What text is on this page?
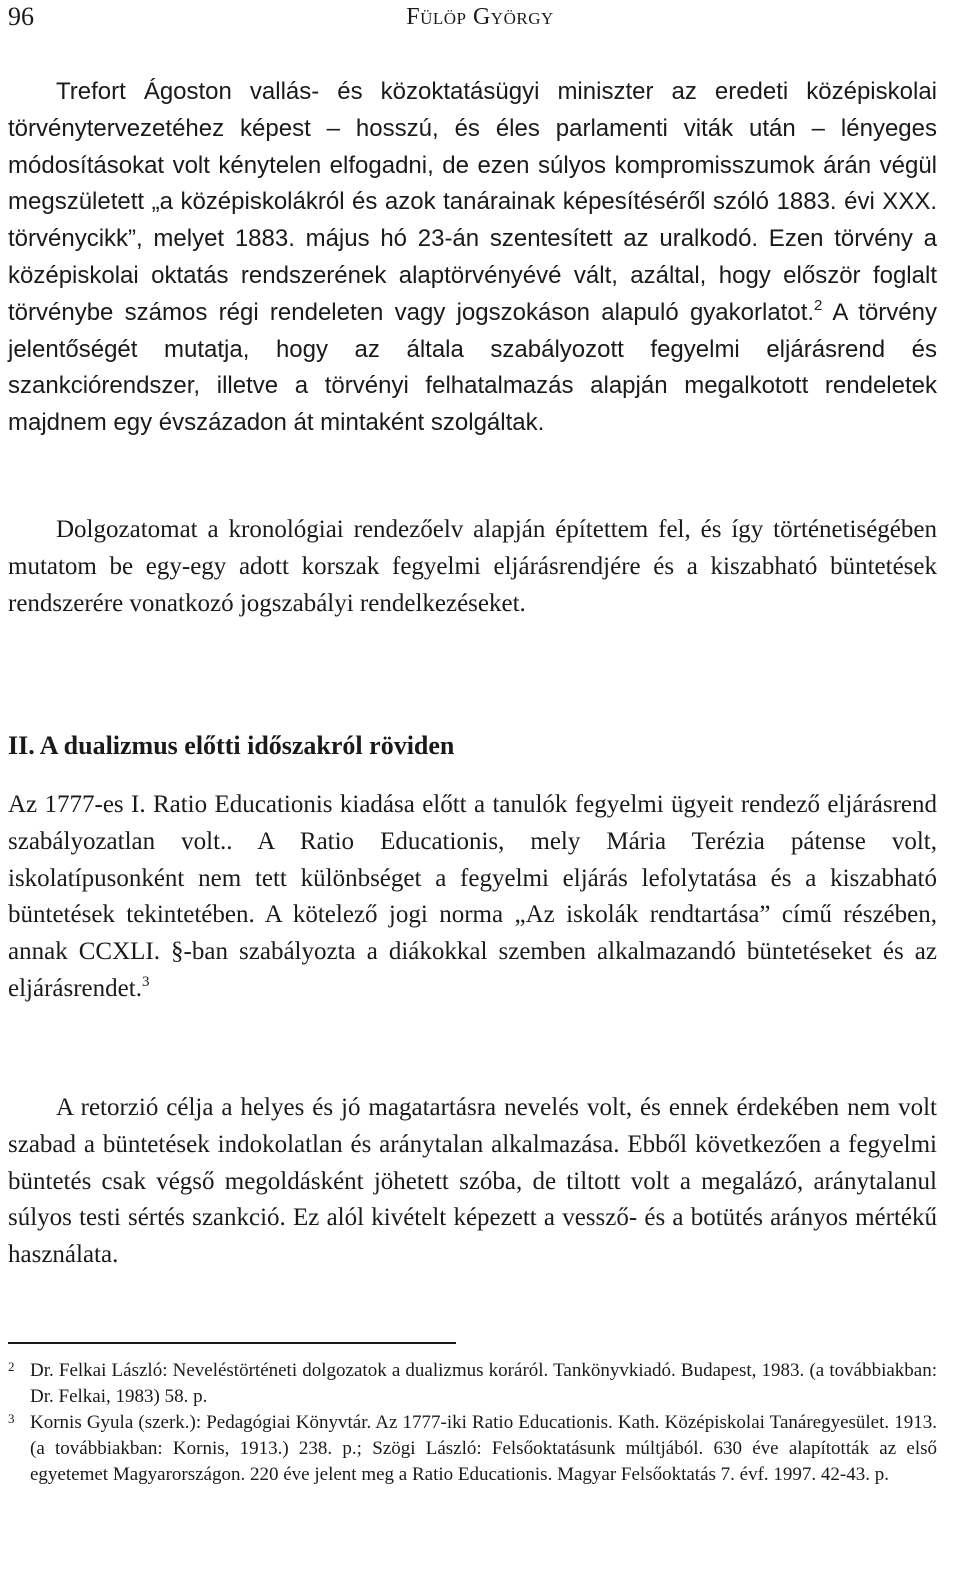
96	Fülöp György

Trefort Ágoston vallás- és közoktatásügyi miniszter az eredeti középiskolai törvénytervezetéhez képest – hosszú, és éles parlamenti viták után – lényeges módosításokat volt kénytelen elfogadni, de ezen súlyos kompromisszumok árán végül megszületett „a középiskolákról és azok tanárainak képesítéséről szóló 1883. évi XXX. törvénycikk”, melyet 1883. május hó 23-án szentesített az uralkodó. Ezen törvény a középiskolai oktatás rendszerének alaptörvényévé vált, azáltal, hogy először foglalt törvénybe számos régi rendeleten vagy jogszokáson alapuló gyakorlatot.$^2$ A törvény jelentőségét mutatja, hogy az általa szabályozott fegyelmi eljárásrend és szankciórendszer, illetve a törvényi felhatalmazás alapján megalkotott rendeletek majdnem egy évszázadon át mintaként szolgáltak.

Dolgozatomat a kronológiai rendezőelv alapján építettem fel, és így történetiségében mutatom be egy-egy adott korszak fegyelmi eljárásrendjére és a kiszabható büntetések rendszerére vonatkozó jogszabályi rendelkezéseket.

II. A dualizmus előtti időszakról röviden

Az 1777-es I. Ratio Educationis kiadása előtt a tanulók fegyelmi ügyeit rendező eljárásrend szabályozatlan volt.. A Ratio Educationis, mely Mária Terézia pátense volt, iskolatípusonként nem tett különbséget a fegyelmi eljárás lefolytatása és a kiszabható büntetések tekintetében. A kötelező jogi norma „Az iskolák rendtartása” című részében, annak CCXLI. §-ban szabályozta a diákokkal szemben alkalmazandó büntetéseket és az eljárásrendet.$^3$

A retorzió célja a helyes és jó magatartásra nevelés volt, és ennek érdekében nem volt szabad a büntetések indokolatlan és aránytalan alkalmazása. Ebből következően a fegyelmi büntetés csak végső megoldásként jöhetett szóba, de tiltott volt a megalázó, aránytalanul súlyos testi sértés szankció. Ez alól kivételt képezett a vessző- és a botütés arányos mértékű használata.

2 Dr. Felkai László: Neveléstörténeti dolgozatok a dualizmus koráról. Tankönyvkiadó. Budapest, 1983. (a továbbiakban: Dr. Felkai, 1983) 58. p.
3 Kornis Gyula (szerk.): Pedagógiai Könyvtár. Az 1777-iki Ratio Educationis. Kath. Középiskolai Tanáregyesület. 1913. (a továbbiakban: Kornis, 1913.) 238. p.; Szögi László: Felsőoktatásunk múltjából. 630 éve alapították az első egyetemet Magyarországon. 220 éve jelent meg a Ratio Educationis. Magyar Felsőoktatás 7. évf. 1997. 42-43. p.
